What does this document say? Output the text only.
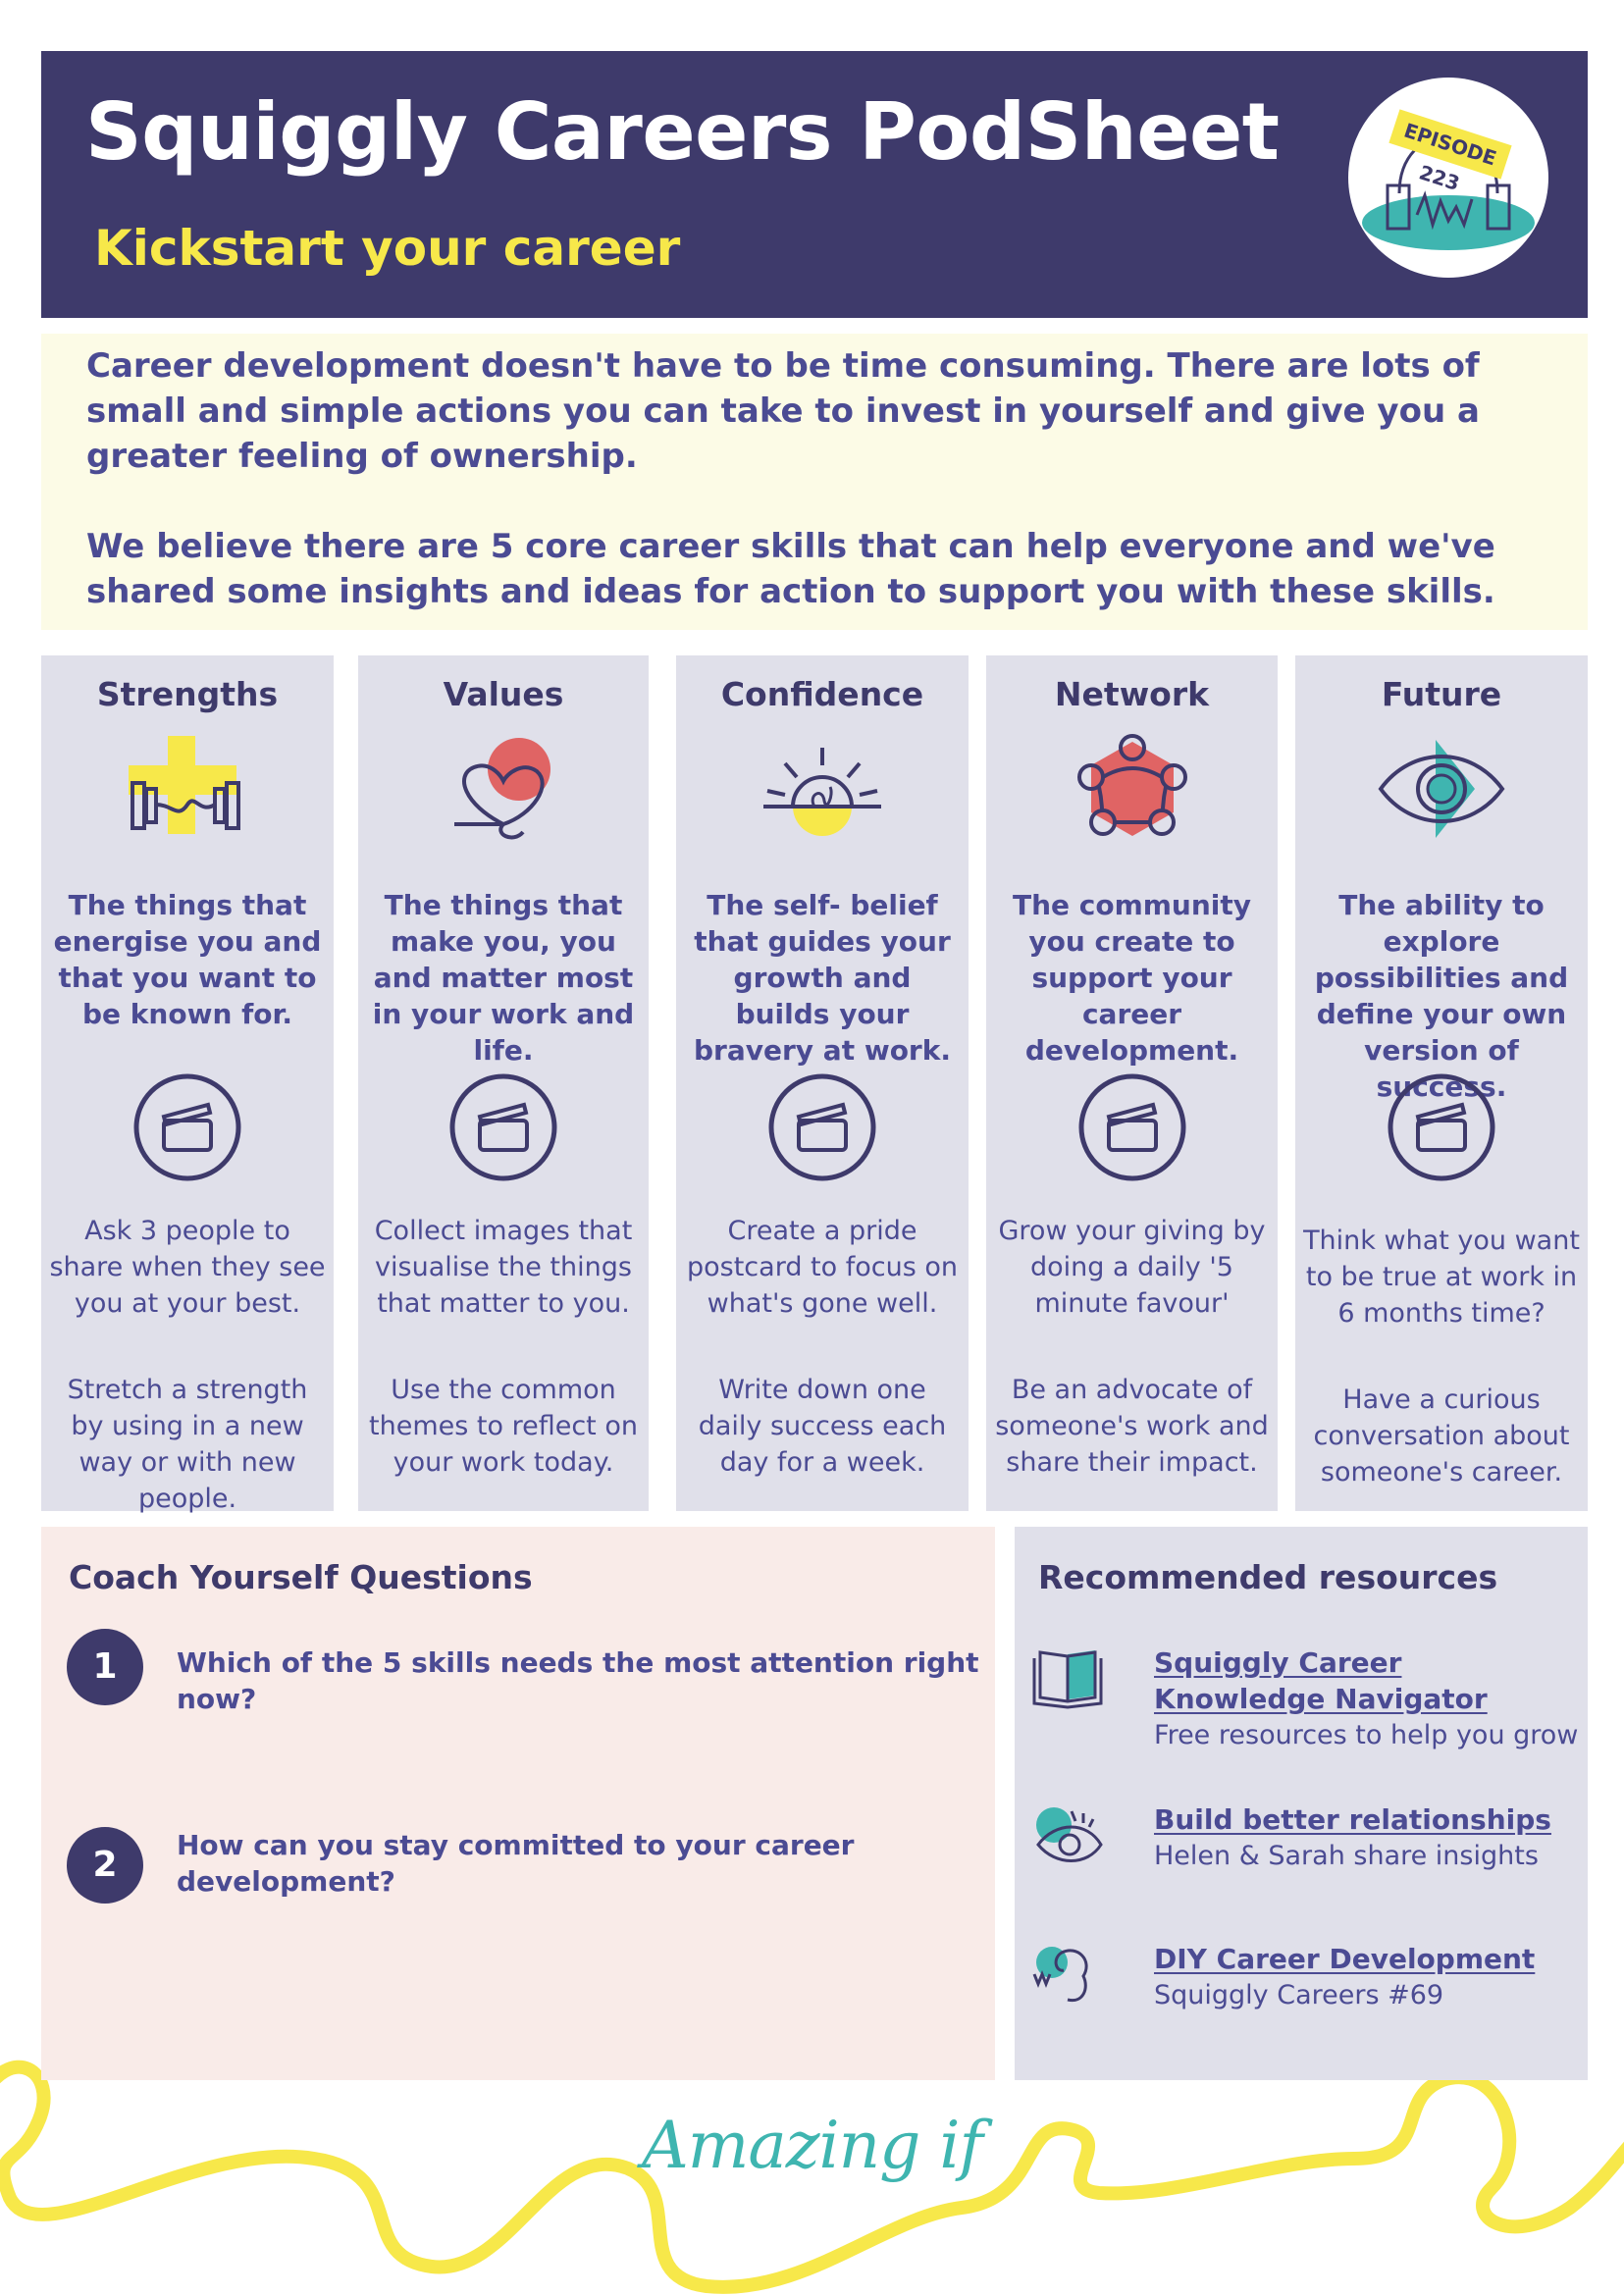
Squiggly Careers PodSheet
Kickstart your career
EPISODE 223

Career development doesn't have to be time consuming. There are lots of small and simple actions you can take to invest in yourself and give you a greater feeling of ownership.

We believe there are 5 core career skills that can help everyone and we've shared some insights and ideas for action to support you with these skills.

Strengths
The things that energise you and that you want to be known for.
Ask 3 people to share when they see you at your best.
Stretch a strength by using in a new way or with new people.
Values
The things that make you, you and matter most in your work and life.
Collect images that visualise the things that matter to you.
Use the common themes to reflect on your work today.
Confidence
The self- belief that guides your growth and builds your bravery at work.
Create a pride postcard to focus on what's gone well.
Write down one daily success each day for a week.
Network
The community you create to support your career development.
Grow your giving by doing a daily '5 minute favour'
Be an advocate of someone's work and share their impact.
Future
The ability to explore possibilities and define your own version of success.
Think what you want to be true at work in 6 months time?
Have a curious conversation about someone's career.
Coach Yourself Questions
1	Which of the 5 skills needs the most attention right now?
2	How can you stay committed to your career development?
Recommended resources
Squiggly Career Knowledge Navigator
Free resources to help you grow
Build better relationships
Helen & Sarah share insights
DIY Career Development
Squiggly Careers #69
Amazing if
